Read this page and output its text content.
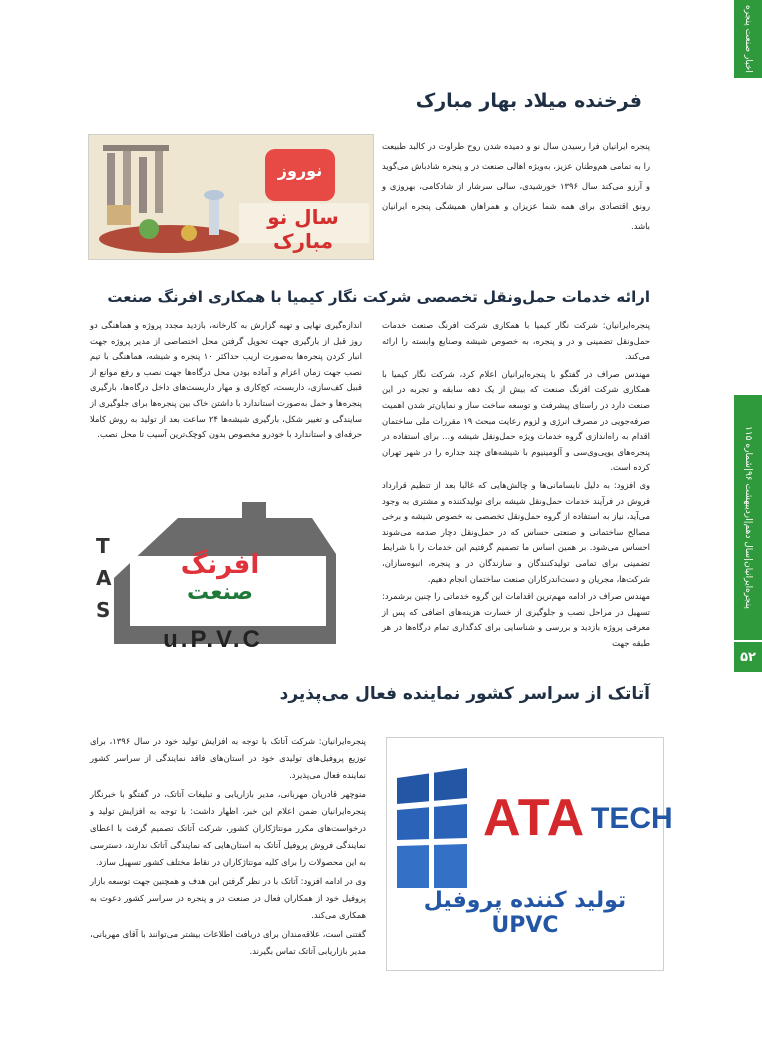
اخبار صنعت پنجره
پنجره‌ایرانیان|سال دهم|اردیبهشت ۹۶|شماره ۱۱۵
۵۲
فرخنده میلاد بهار مبارک
نوروز
سال نو مبارک

پنجره ایرانیان فرا رسیدن سال نو و دمیده شدن روح طراوت در کالبد طبیعت را به تمامی هم‌وطنان عزیز، به‌ویژه اهالی صنعت در و پنجره شادباش می‌گوید و آرزو می‌کند سال ۱۳۹۶ خورشیدی، سالی سرشار از شادکامی، بهروزی و رونق اقتصادی برای همه شما عزیزان و همراهان همیشگی پنجره ایرانیان باشد.

ارائه خدمات حمل‌ونقل تخصصی شرکت نگار کیمیا با همکاری افرنگ صنعت

پنجره‌ایرانیان: شرکت نگار کیمیا با همکاری شرکت افرنگ صنعت خدمات حمل‌ونقل تضمینی و در و پنجره، به خصوص شیشه وصنایع وابسته را ارائه می‌کند.

مهندس صراف در گفتگو با پنجره‌ایرانیان اعلام کرد، شرکت نگار کیمیا با همکاری شرکت افرنگ صنعت که بیش از یک دهه سابقه و تجربه در این صنعت دارد در راستای پیشرفت و توسعه ساخت ساز و نمایان‌تر شدن اهمیت صرفه‌جویی در مصرف انرژی و لزوم رعایت مبحث ۱۹ مقررات ملی ساختمان اقدام به راه‌اندازی گروه خدمات ویژه حمل‌ونقل شیشه و... برای استفاده در پنجره‌های یوپی‌وی‌سی و آلومینیوم با شیشه‌های چند جداره را در شهر تهران کرده است.

وی افزود: به دلیل نابسامانی‌ها و چالش‌هایی که غالبا بعد از تنظیم قرارداد فروش در فرآیند خدمات حمل‌ونقل شیشه برای تولیدکننده و مشتری به وجود می‌آید، نیاز به استفاده از گروه حمل‌ونقل تخصصی به خصوص شیشه و برخی مصالح ساختمانی و صنعتی حساس که در حمل‌ونقل دچار صدمه می‌شوند احساس می‌شود. بر همین اساس ما تصمیم گرفتیم این خدمات را با شرایط تضمینی برای تمامی تولیدکنندگان و سازندگان در و پنجره، انبوه‌سازان، شرکت‌ها، مجریان و دست‌اندرکاران صنعت ساختمان انجام دهیم.

مهندس صراف در ادامه مهم‌ترین اقدامات این گروه خدماتی را چنین برشمرد: تسهیل در مراحل نصب و جلوگیری از خسارت هزینه‌های اضافی که پس از معرفی پروژه بازدید و بررسی و شناسایی برای کدگذاری تمام درگاه‌ها در هر طبقه جهت

اندازه‌گیری نهایی و تهیه گزارش به کارخانه، بازدید مجدد پروژه و هماهنگی دو روز قبل از بارگیری جهت تحویل گرفتن محل اختصاصی از مدیر پروژه جهت انبار کردن پنجره‌ها به‌صورت اریب حداکثر ۱۰ پنجره و شیشه، هماهنگی با تیم نصب جهت زمان اعزام و آماده بودن محل درگاه‌ها جهت نصب و رفع موانع از قبیل کف‌سازی، داربست، کج‌کاری و مهار داربست‌های داخل درگاه‌ها، بارگیری پنجره‌ها و حمل به‌صورت استاندارد با داشتن خاک بین پنجره‌ها برای جلوگیری از سایندگی و تغییر شکل، بارگیری شیشه‌ها ۲۴ ساعت بعد از تولید به روش کاملا حرفه‌ای و استاندارد با خودرو مخصوص بدون کوچک‌ترین آسیب تا محل نصب.

T
A
S
افرنگ
صنعت
u.P.V.C
آتاتک از سراسر کشور نماینده فعال می‌پذیرد
ATA TECH
تولید کننده پروفیل UPVC

پنجره‌ایرانیان: شرکت آتاتک با توجه به افزایش تولید خود در سال ۱۳۹۶، برای توزیع پروفیل‌های تولیدی خود در استان‌های فاقد نمایندگی از سراسر کشور نماینده فعال می‌پذیرد.

منوچهر قادریان مهربانی، مدیر بازاریابی و تبلیغات آتاتک، در گفتگو با خبرنگار پنجره‌ایرانیان ضمن اعلام این خبر، اظهار داشت: با توجه به افزایش تولید و درخواست‌های مکرر مونتاژکاران کشور، شرکت آتاتک تصمیم گرفت با اعطای نمایندگی فروش پروفیل آتاتک به استان‌هایی که نمایندگی آتاتک ندارند، دسترسی به این محصولات را برای کلیه مونتاژکاران در نقاط مختلف کشور تسهیل سازد.

وی در ادامه افزود: آتاتک با در نظر گرفتن این هدف و همچنین جهت توسعه بازار پروفیل خود از همکاران فعال در صنعت در و پنجره در سراسر کشور دعوت به همکاری می‌کند.

گفتنی است، علاقه‌مندان برای دریافت اطلاعات بیشتر می‌توانند با آقای مهربانی، مدیر بازاریابی آتاتک تماس بگیرند.
